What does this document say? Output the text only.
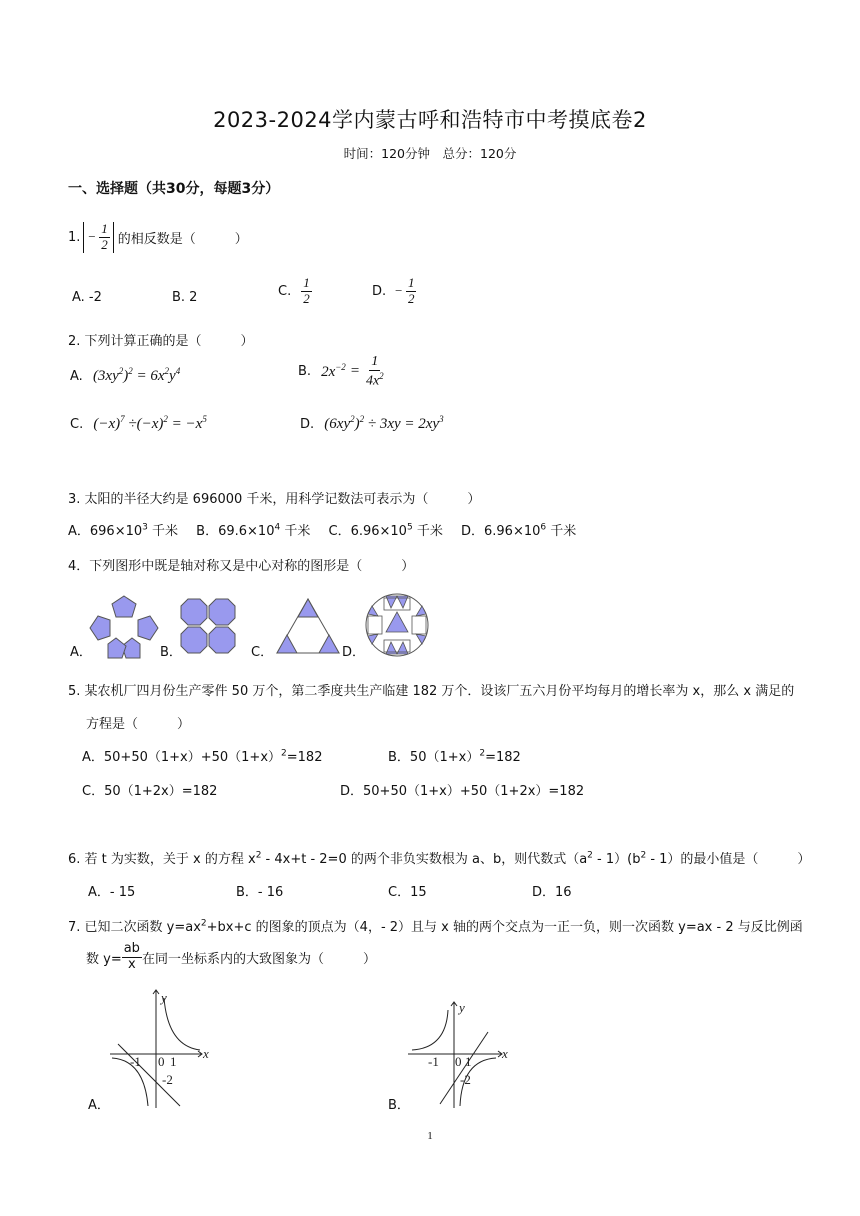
2023-2024学内蒙古呼和浩特市中考摸底卷2
时间：120分钟　总分：120分
一、选择题（共30分，每题3分）
1. − $\frac{1}{2}$ 的相反数是（　　　）
A. -2	B. 2	C. $\frac{1}{2}$	D. − $\frac{1}{2}$
2. 下列计算正确的是（　　　）
A. $(3xy^2)^2 = 6x^2y^4$	B. $2x^{-2} = \frac{1}{4x^2}$
C. $(-x)^7 \div(-x)^2 = -x^5$	D. $(6xy^2)^2 \div 3xy = 2xy^3$
3. 太阳的半径大约是 696000 千米，用科学记数法可表示为（　　　）
A．$696\times 10^3$ 千米 B．$69.6\times 10^4$ 千米 C．$6.96\times 10^5$ 千米 D．$6.96\times 10^6$ 千米
4．下列图形中既是轴对称又是中心对称的图形是（　　　）
A．	B．	C．	D．
5. 某农机厂四月份生产零件 50 万个，第二季度共生产临建 182 万个．设该厂五六月份平均每月的增长率为 x，那么 x 满足的
方程是（　　　）
A．$50+50(1+x)+50(1+x)^2=182$	B．$50(1+x)^2=182$
C．50（1+2x）=182	D．50+50（1+x）+50（1+2x）=182
6. 若 t 为实数，关于 x 的方程 $x^2 - 4x+t - 2=0$ 的两个非负实数根为 a、b，则代数式$(a^2 - 1)(b^2 - 1)$的最小值是（　　　）
A．- 15	B．- 16	C．15	D．16
7. 已知二次函数 $y=ax^2+bx+c$ 的图象的顶点为（4，- 2）且与 x 轴的两个交点为一正一负，则一次函数 y=ax - 2 与反比例函
数 $y= \frac{ab}{x}$ 在同一坐标系内的大致图象为（　　　）
A．
y
x
0
-1 1
-2
B．
y
x
0
-1 1
-2
1
